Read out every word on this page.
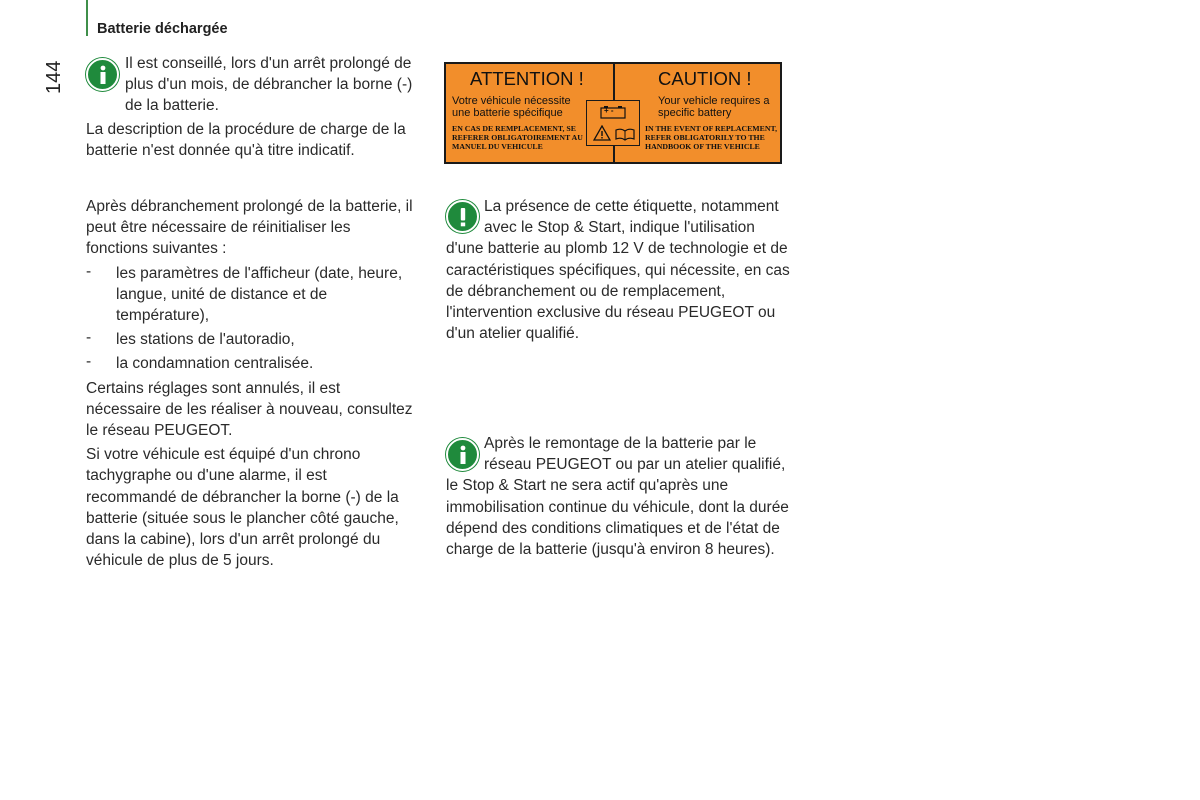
Batterie déchargée

144	Il est conseillé, lors d'un arrêt prolongé de plus d'un mois, de débrancher la borne (-) de la batterie.

La description de la procédure de charge de la batterie n'est donnée qu'à titre indicatif.

Après débranchement prolongé de la batterie, il peut être nécessaire de réinitialiser les fonctions suivantes :

-	les paramètres de l'afficheur (date, heure, langue, unité de distance et de température),

-	les stations de l'autoradio,

-	la condamnation centralisée.

Certains réglages sont annulés, il est nécessaire de les réaliser à nouveau, consultez le réseau PEUGEOT.

Si votre véhicule est équipé d'un chrono tachygraphe ou d'une alarme, il est recommandé de débrancher la borne (-) de la batterie (située sous le plancher côté gauche, dans la cabine), lors d'un arrêt prolongé du véhicule de plus de 5 jours.

ATTENTION !	CAUTION !
Votre véhicule nécessite une batterie spécifique
Your vehicle requires a specific battery
EN CAS DE REMPLACEMENT, SE REFERER OBLIGATOIREMENT AU MANUEL DU VEHICULE
IN THE EVENT OF REPLACEMENT, REFER OBLIGATORILY TO THE HANDBOOK OF THE VEHICLE
+ -

La présence de cette étiquette, notamment avec le Stop & Start, indique l'utilisation d'une batterie au plomb 12 V de technologie et de caractéristiques spécifiques, qui nécessite, en cas de débranchement ou de remplacement, l'intervention exclusive du réseau PEUGEOT ou d'un atelier qualifié.

Après le remontage de la batterie par le réseau PEUGEOT ou par un atelier qualifié, le Stop & Start ne sera actif qu'après une immobilisation continue du véhicule, dont la durée dépend des conditions climatiques et de l'état de charge de la batterie (jusqu'à environ 8 heures).
